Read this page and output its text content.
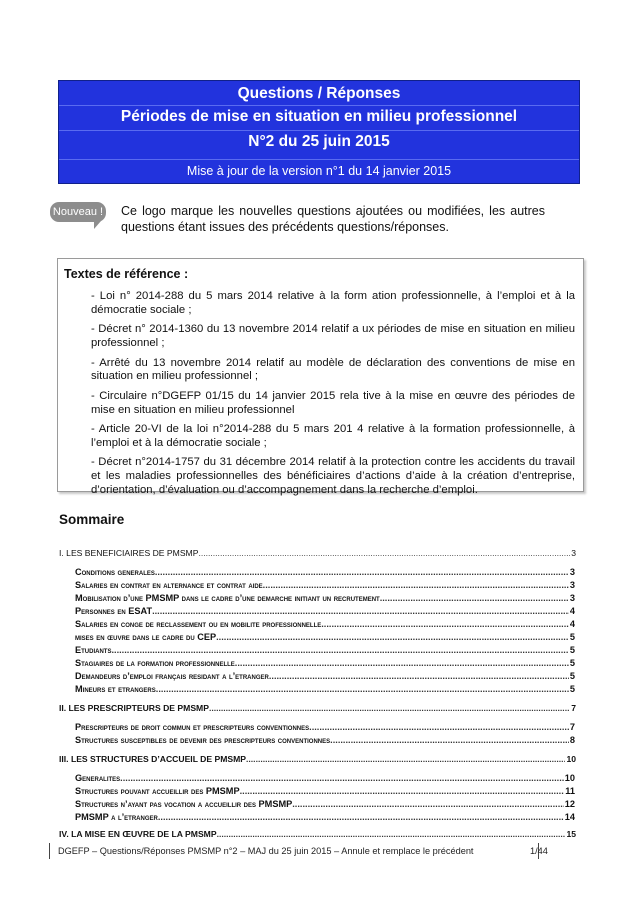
Questions / Réponses
Périodes de mise en situation en milieu professionnel
N°2 du 25 juin 2015
Mise à jour de la version n°1 du 14 janvier 2015
Nouveau ! Ce logo marque les nouvelles questions ajoutées ou modifiées, les autres questions étant issues des précédents questions/réponses.
Textes de référence :
- Loi n° 2014-288 du 5 mars 2014 relative à la form ation professionnelle, à l’emploi et à la démocratie sociale ;
- Décret n° 2014-1360 du 13 novembre 2014 relatif a ux périodes de mise en situation en milieu professionnel ;
- Arrêté du 13 novembre 2014 relatif au modèle de déclaration des conventions de mise en situation en milieu professionnel ;
- Circulaire n°DGEFP 01/15 du 14 janvier 2015 rela tive à la mise en œuvre des périodes de mise en situation en milieu professionnel
- Article 20-VI de la loi n°2014-288 du 5 mars 201 4 relative à la formation professionnelle, à l’emploi et à la démocratie sociale ;
- Décret n°2014-1757 du 31 décembre 2014 relatif à la protection contre les accidents du travail et les maladies professionnelles des bénéficiaires d’actions d’aide à la création d’entreprise, d’orientation, d’évaluation ou d’accompagnement dans la recherche d’emploi.
Sommaire
I. LES BENEFICIAIRES DE PMSMP .....	3
Conditions generales .....	3
Salaries en contrat en alternance et contrat aide .....	3
Mobilisation d’une PMSMP dans le cadre d’une demarche initiant un recrutement .....	3
Personnes en ESAT .....	4
Salaries en conge de reclassement ou en mobilite professionnelle .....	4
mises en œuvre dans le cadre du CEP .....	5
Etudiants .....	5
Stagiaires de la formation professionnelle .....	5
Demandeurs d’emploi français residant a l’etranger .....	5
Mineurs et etrangers .....	5
II. LES PRESCRIPTEURS DE PMSMP .....	7
Prescripteurs de droit commun et prescripteurs conventionnes .....	7
Structures susceptibles de devenir des prescripteurs conventionnes .....	8
III. LES STRUCTURES D’ACCUEIL DE PMSMP .....	10
Generalites .....	10
Structures pouvant accueillir des PMSMP .....	11
Structures n’ayant pas vocation a accueillir des PMSMP .....	12
PMSMP a l’etranger .....	14
IV. LA MISE EN ŒUVRE DE LA PMSMP .....	15
DGEFP – Questions/Réponses PMSMP n°2 – MAJ du 25 juin 2015 – Annule et remplace le précédent	1/44
